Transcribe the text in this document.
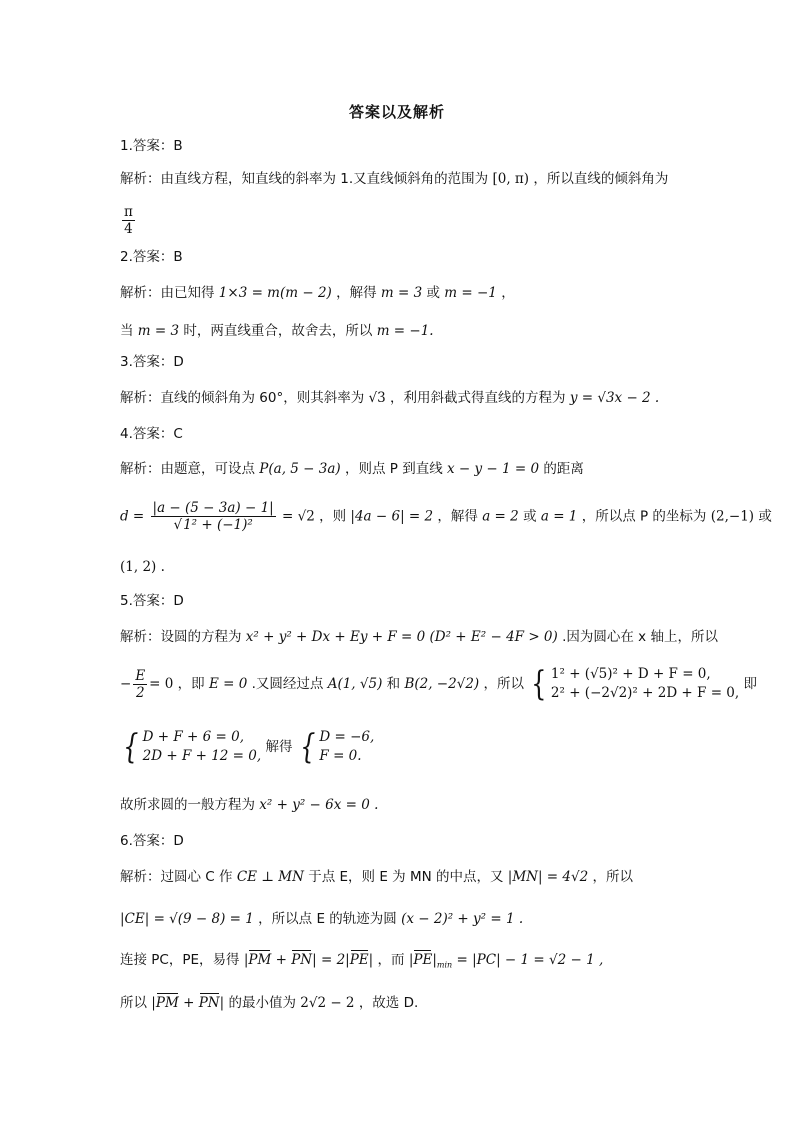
答案以及解析
1.答案：B
解析：由直线方程，知直线的斜率为 1.又直线倾斜角的范围为 [0, π) ，所以直线的倾斜角为
$\frac{\pi}{4}$
2.答案：B
解析：由已知得 1×3 = m(m − 2) ，解得 m = 3 或 m = −1 ，
当 m = 3 时，两直线重合，故舍去，所以 m = −1.
3.答案：D
解析：直线的倾斜角为 60°，则其斜率为 √3 ，利用斜截式得直线的方程为 y = √3x − 2 .
4.答案：C
解析：由题意，可设点 P(a, 5 − 3a) ，则点 P 到直线 x − y − 1 = 0 的距离
$d = \frac{|a - (5 - 3a) - 1|}{\text{√1² + (−1)²}} = √2$ ，则 |4a − 6| = 2 ，解得 a = 2 或 a = 1 ，所以点 P 的坐标为 (2,−1) 或
(1, 2) .
5.答案：D
解析：设圆的方程为 x² + y² + Dx + Ey + F = 0 (D² + E² − 4F > 0) .因为圆心在 x 轴上，所以
− $\frac{E}{2} = 0$ ，即 E = 0 .又圆经过点 A(1, √5) 和 B(2, −2√2) ，所以 { 1² + (√5)² + D + F = 0,
2² + (−2√2)² + 2D + F = 0,
即
{ D + F + 6 = 0,
2D + F + 12 = 0,
解得 { D = −6,
F = 0.
故所求圆的一般方程为 x² + y² − 6x = 0 .
6.答案：D
解析：过圆心 C 作 CE ⊥ MN 于点 E，则 E 为 MN 的中点，又 |MN| = 4√2 ，所以
|CE| = √(9 − 8) = 1 ，所以点 E 的轨迹为圆 (x − 2)² + y² = 1 .
连接 PC，PE，易得 |PM + PN| = 2|PE| ，而 $|PE|_{min} = |PC| - 1 = √2 - 1$ ,
所以 |PM + PN| 的最小值为 2√2 − 2 ，故选 D.
